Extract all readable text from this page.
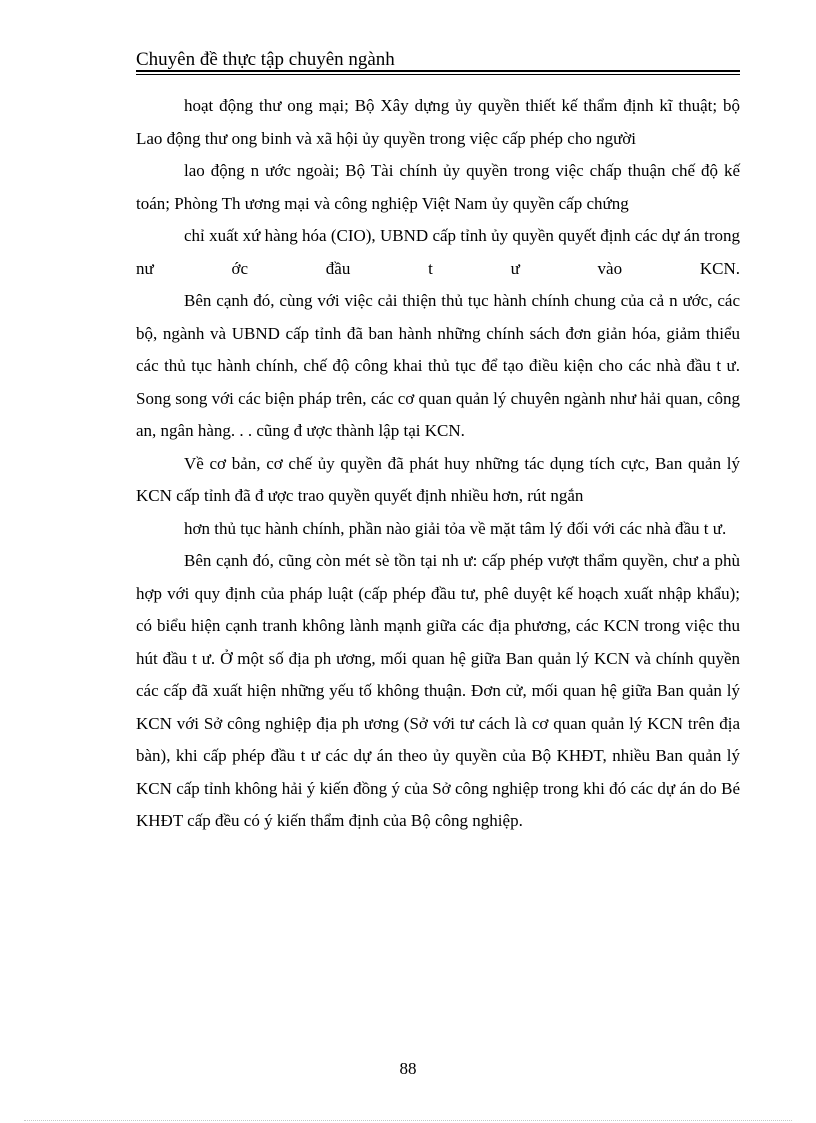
Chuyên đề thực tập chuyên ngành

hoạt động thư ong mại; Bộ Xây dựng ủy quyền thiết kế thẩm định kĩ thuật; bộ Lao động thư ong binh và xã hội ủy quyền trong việc cấp phép cho người

lao động n ước ngoài; Bộ Tài chính ủy quyền trong việc chấp thuận chế độ kế toán; Phòng Th ương mại và công nghiệp Việt Nam ủy quyền cấp chứng

chỉ xuất xứ hàng hóa (CIO), UBND cấp tỉnh ủy quyền quyết định các dự án trong nư ớc đầu t ư vào KCN.

Bên cạnh đó, cùng với việc cải thiện thủ tục hành chính chung của cả n ước, các bộ, ngành và UBND cấp tỉnh đã ban hành những chính sách đơn giản hóa, giảm thiểu các thủ tục hành chính, chế độ công khai thủ tục để tạo điều kiện cho các nhà đầu t ư. Song song với các biện pháp trên, các cơ quan quản lý chuyên ngành như hải quan, công an, ngân hàng. . . cũng đ ược thành lập tại KCN.

Về cơ bản, cơ chế ủy quyền đã phát huy những tác dụng tích cực, Ban quản lý KCN cấp tỉnh đã đ ược trao quyền quyết định nhiều hơn, rút ngắn

hơn thủ tục hành chính, phần nào giải tỏa về mặt tâm lý đối với các nhà đầu t ư.

Bên cạnh đó, cũng còn mét sè tồn tại nh ư: cấp phép vượt thẩm quyền, chư a phù hợp với quy định của pháp luật (cấp phép đầu tư, phê duyệt kế hoạch xuất nhập khẩu); có biểu hiện cạnh tranh không lành mạnh giữa các địa phương, các KCN trong việc thu hút đầu t ư. Ở một số địa ph ương, mối quan hệ giữa Ban quản lý KCN và chính quyền các cấp đã xuất hiện những yếu tố không thuận. Đơn cử, mối quan hệ giữa Ban quản lý KCN với Sở công nghiệp địa ph ương (Sở với tư cách là cơ quan quản lý KCN trên địa bàn), khi cấp phép đầu t ư các dự án theo ủy quyền của Bộ KHĐT, nhiều Ban quản lý KCN cấp tỉnh không hải ý kiến đồng ý của Sở công nghiệp trong khi đó các dự án do Bé KHĐT cấp đều có ý kiến thẩm định của Bộ công nghiệp.

88
